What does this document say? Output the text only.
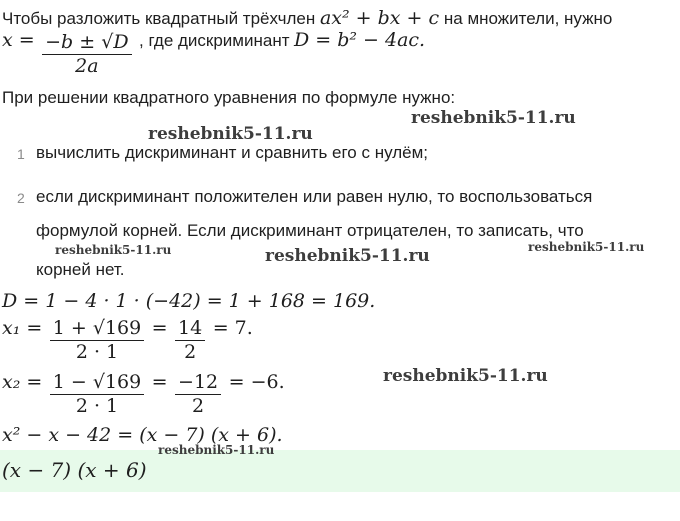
Чтобы разложить квадратный трёхчлен ax² + bx + c на множители, нужно
$x = \frac{-b \pm √D}{2a}$ , где дискриминант D = b² − 4ac.
При решении квадратного уравнения по формуле нужно:
1 вычислить дискриминант и сравнить его с нулём;
2 если дискриминант положителен или равен нулю, то воспользоваться
формулой корней. Если дискриминант отрицателен, то записать, что
корней нет.
D = 1 − 4 · 1 · (−42) = 1 + 168 = 169.
$x_1 = \frac{1 + √169}{2 \cdot 1} = \frac{14}{2} = 7$.
$x_2 = \frac{1 - √169}{2 \cdot 1} = \frac{-12}{2} = -6$.
x² − x − 42 = (x − 7) (x + 6).
(x − 7) (x + 6)
reshebnik5-11.ru
reshebnik5-11.ru
reshebnik5-11.ru	reshebnik5-11.ru	reshebnik5-11.ru
reshebnik5-11.ru
reshebnik5-11.ru
